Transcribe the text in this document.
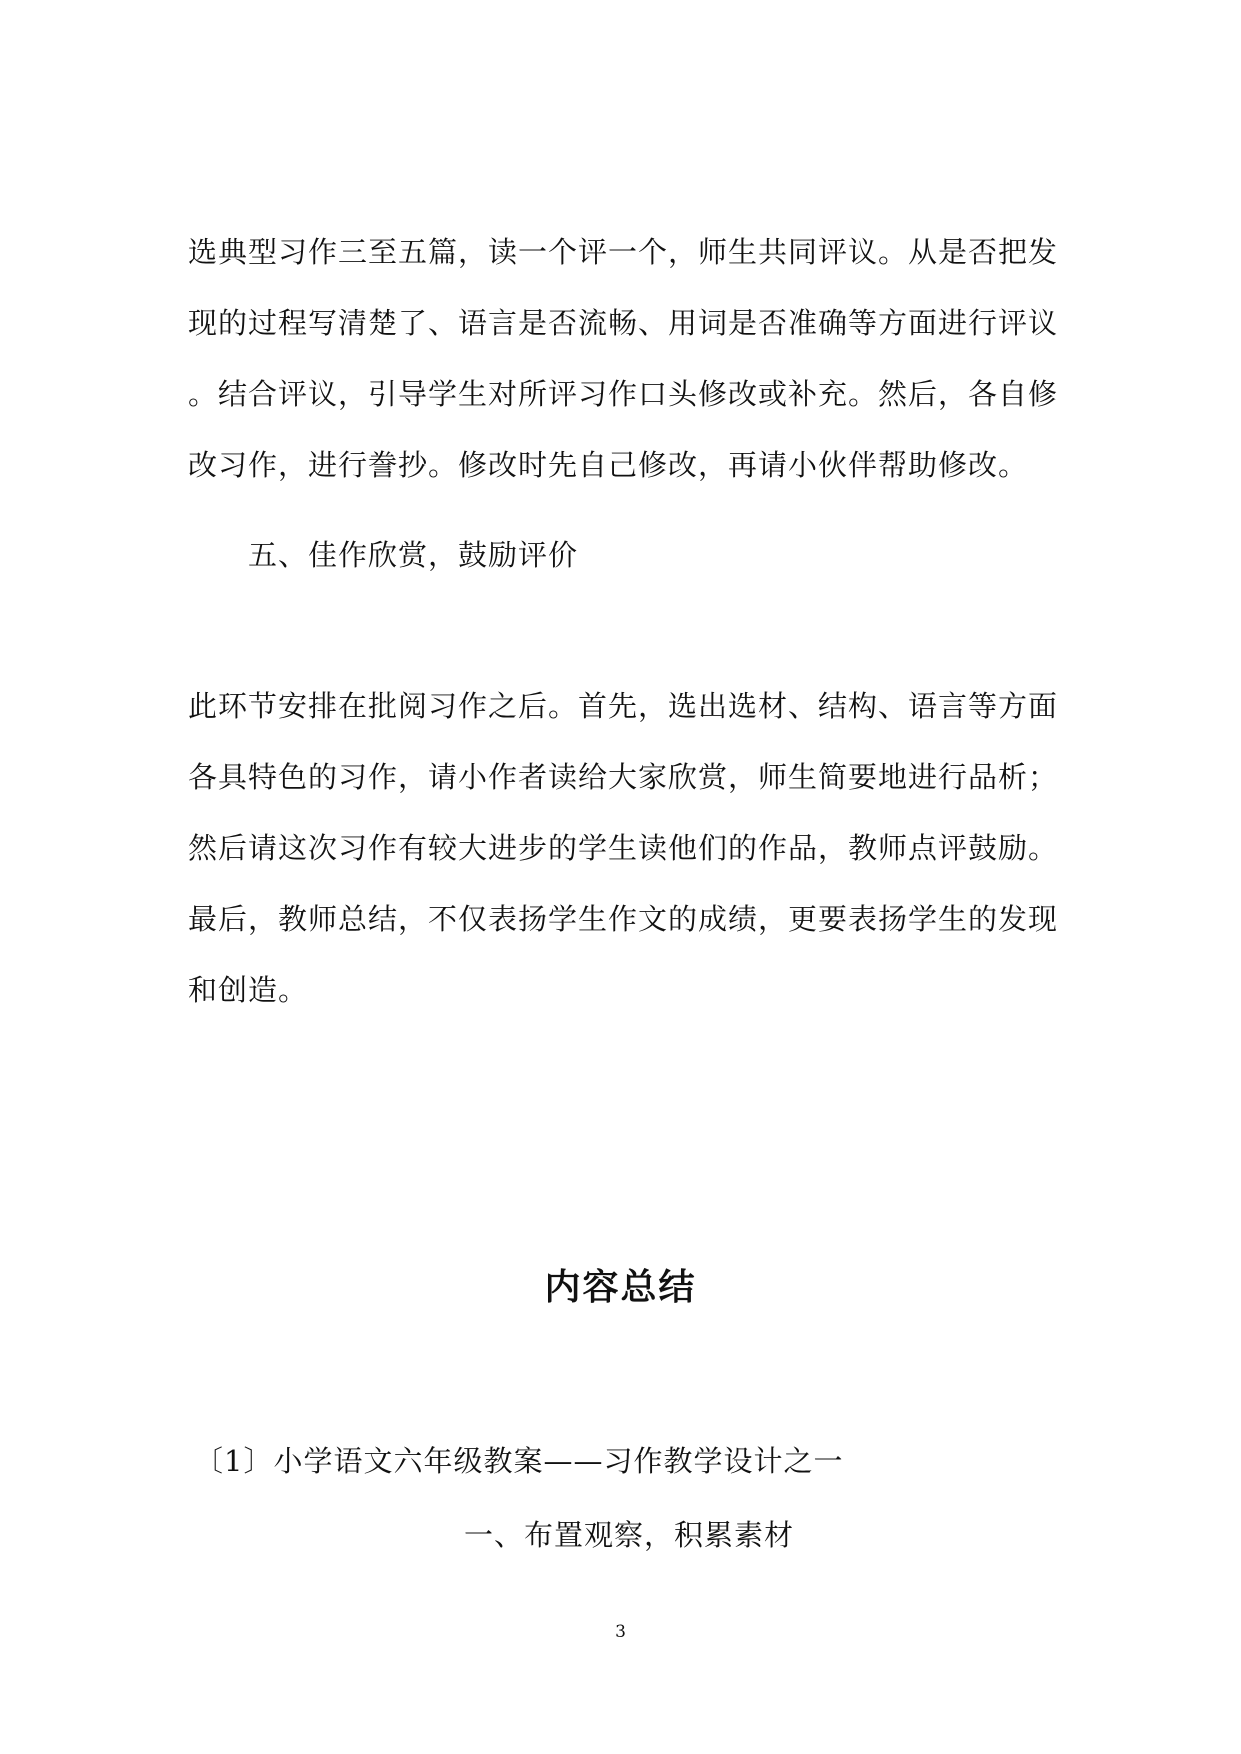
选典型习作三至五篇，读一个评一个，师生共同评议。从是否把发
现的过程写清楚了、语言是否流畅、用词是否准确等方面进行评议
。结合评议，引导学生对所评习作口头修改或补充。然后，各自修
改习作，进行誊抄。修改时先自己修改，再请小伙伴帮助修改。
五、佳作欣赏，鼓励评价
此环节安排在批阅习作之后。首先，选出选材、结构、语言等方面
各具特色的习作，请小作者读给大家欣赏，师生简要地进行品析；
然后请这次习作有较大进步的学生读他们的作品，教师点评鼓励。
最后，教师总结，不仅表扬学生作文的成绩，更要表扬学生的发现
和创造。
内容总结
〔1〕小学语文六年级教案——习作教学设计之一
一、布置观察，积累素材
3
